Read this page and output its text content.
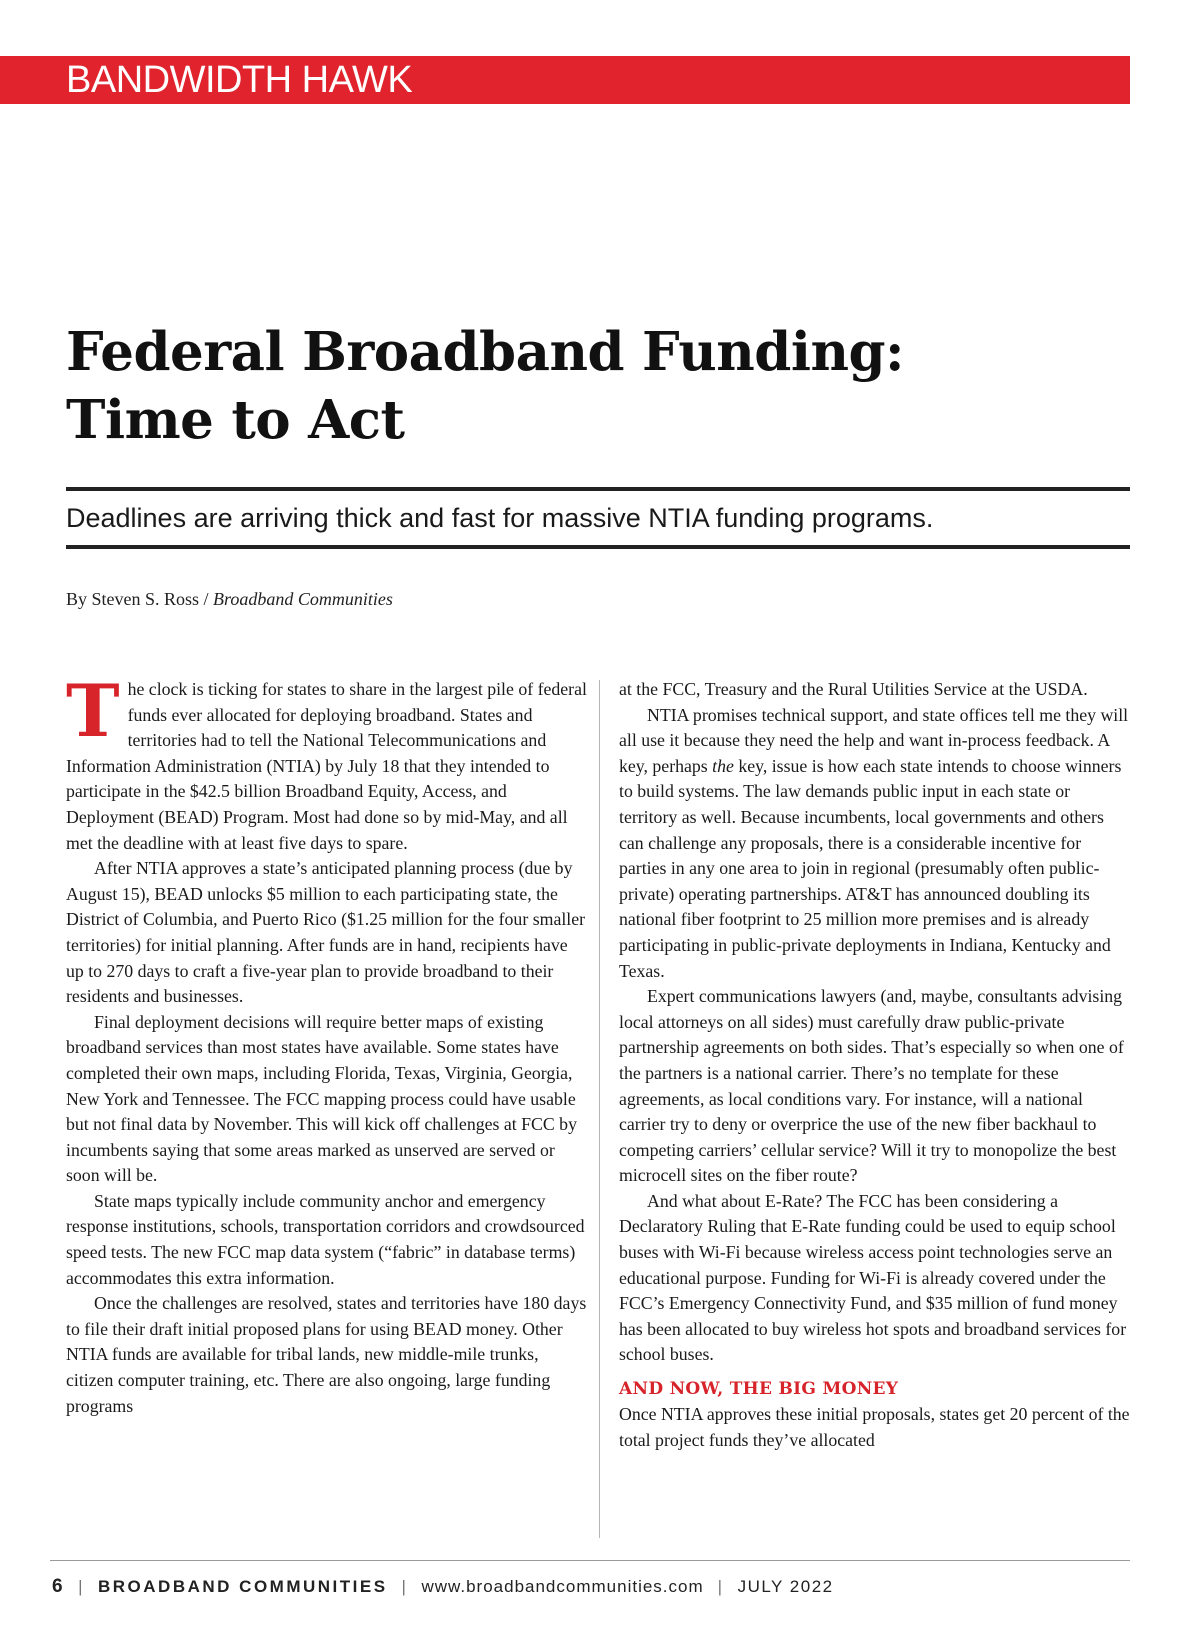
BANDWIDTH HAWK
Federal Broadband Funding:
Time to Act

Deadlines are arriving thick and fast for massive NTIA funding programs.

By Steven S. Ross / Broadband Communities

The clock is ticking for states to share in the largest pile of federal funds ever allocated for deploying broadband. States and territories had to tell the National Telecommunications and Information Administration (NTIA) by July 18 that they intended to participate in the $42.5 billion Broadband Equity, Access, and Deployment (BEAD) Program. Most had done so by mid-May, and all met the deadline with at least five days to spare.

After NTIA approves a state’s anticipated planning process (due by August 15), BEAD unlocks $5 million to each participating state, the District of Columbia, and Puerto Rico ($1.25 million for the four smaller territories) for initial planning. After funds are in hand, recipients have up to 270 days to craft a five-year plan to provide broadband to their residents and businesses.

Final deployment decisions will require better maps of existing broadband services than most states have available. Some states have completed their own maps, including Florida, Texas, Virginia, Georgia, New York and Tennessee. The FCC mapping process could have usable but not final data by November. This will kick off challenges at FCC by incumbents saying that some areas marked as unserved are served or soon will be.

State maps typically include community anchor and emergency response institutions, schools, transportation corridors and crowdsourced speed tests. The new FCC map data system (“fabric” in database terms) accommodates this extra information.

Once the challenges are resolved, states and territories have 180 days to file their draft initial proposed plans for using BEAD money. Other NTIA funds are available for tribal lands, new middle-mile trunks, citizen computer training, etc. There are also ongoing, large funding programs

at the FCC, Treasury and the Rural Utilities Service at the USDA.

NTIA promises technical support, and state offices tell me they will all use it because they need the help and want in-process feedback. A key, perhaps the key, issue is how each state intends to choose winners to build systems. The law demands public input in each state or territory as well. Because incumbents, local governments and others can challenge any proposals, there is a considerable incentive for parties in any one area to join in regional (presumably often public-private) operating partnerships. AT&T has announced doubling its national fiber footprint to 25 million more premises and is already participating in public-private deployments in Indiana, Kentucky and Texas.

Expert communications lawyers (and, maybe, consultants advising local attorneys on all sides) must carefully draw public-private partnership agreements on both sides. That’s especially so when one of the partners is a national carrier. There’s no template for these agreements, as local conditions vary. For instance, will a national carrier try to deny or overprice the use of the new fiber backhaul to competing carriers’ cellular service? Will it try to monopolize the best microcell sites on the fiber route?

And what about E-Rate? The FCC has been considering a Declaratory Ruling that E-Rate funding could be used to equip school buses with Wi-Fi because wireless access point technologies serve an educational purpose. Funding for Wi-Fi is already covered under the FCC’s Emergency Connectivity Fund, and $35 million of fund money has been allocated to buy wireless hot spots and broadband services for school buses.

AND NOW, THE BIG MONEY

Once NTIA approves these initial proposals, states get 20 percent of the total project funds they’ve allocated

6 | BROADBAND COMMUNITIES | www.broadbandcommunities.com | JULY 2022
